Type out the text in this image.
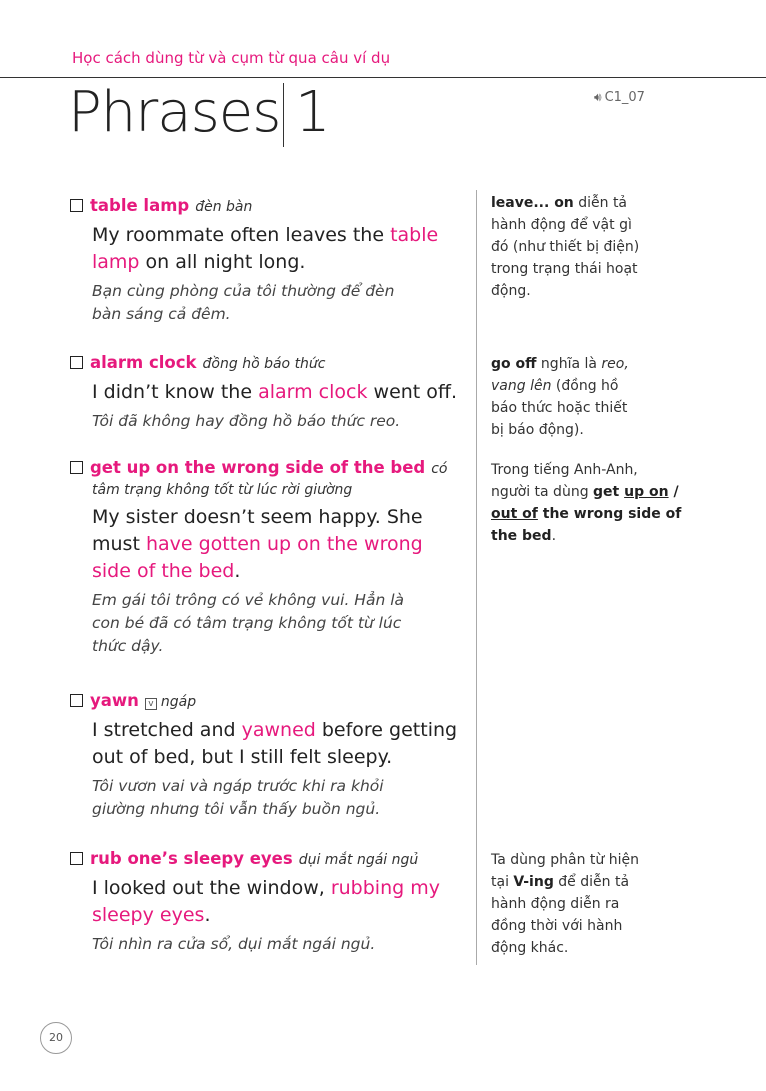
Học cách dùng từ và cụm từ qua câu ví dụ
Phrases 1	🔊︎ C1_07
table lamp đèn bàn
My roommate often leaves the table
lamp on all night long.
Bạn cùng phòng của tôi thường để đèn
bàn sáng cả đêm.
alarm clock đồng hồ báo thức
I didn’t know the alarm clock went off.
Tôi đã không hay đồng hồ báo thức reo.
get up on the wrong side of the bed có
tâm trạng không tốt từ lúc rời giường
My sister doesn’t seem happy. She
must have gotten up on the wrong
side of the bed.
Em gái tôi trông có vẻ không vui. Hẳn là
con bé đã có tâm trạng không tốt từ lúc
thức dậy.
yawn v ngáp
I stretched and yawned before getting
out of bed, but I still felt sleepy.
Tôi vươn vai và ngáp trước khi ra khỏi
giường nhưng tôi vẫn thấy buồn ngủ.
rub one’s sleepy eyes dụi mắt ngái ngủ
I looked out the window, rubbing my
sleepy eyes.
Tôi nhìn ra cửa sổ, dụi mắt ngái ngủ.
leave... on diễn tả
hành động để vật gì
đó (như thiết bị điện)
trong trạng thái hoạt
động.
go off nghĩa là reo,
vang lên (đồng hồ
báo thức hoặc thiết
bị báo động).
Trong tiếng Anh-Anh,
người ta dùng get up on /
out of the wrong side of
the bed.
Ta dùng phân từ hiện
tại V-ing để diễn tả
hành động diễn ra
đồng thời với hành
động khác.
20
